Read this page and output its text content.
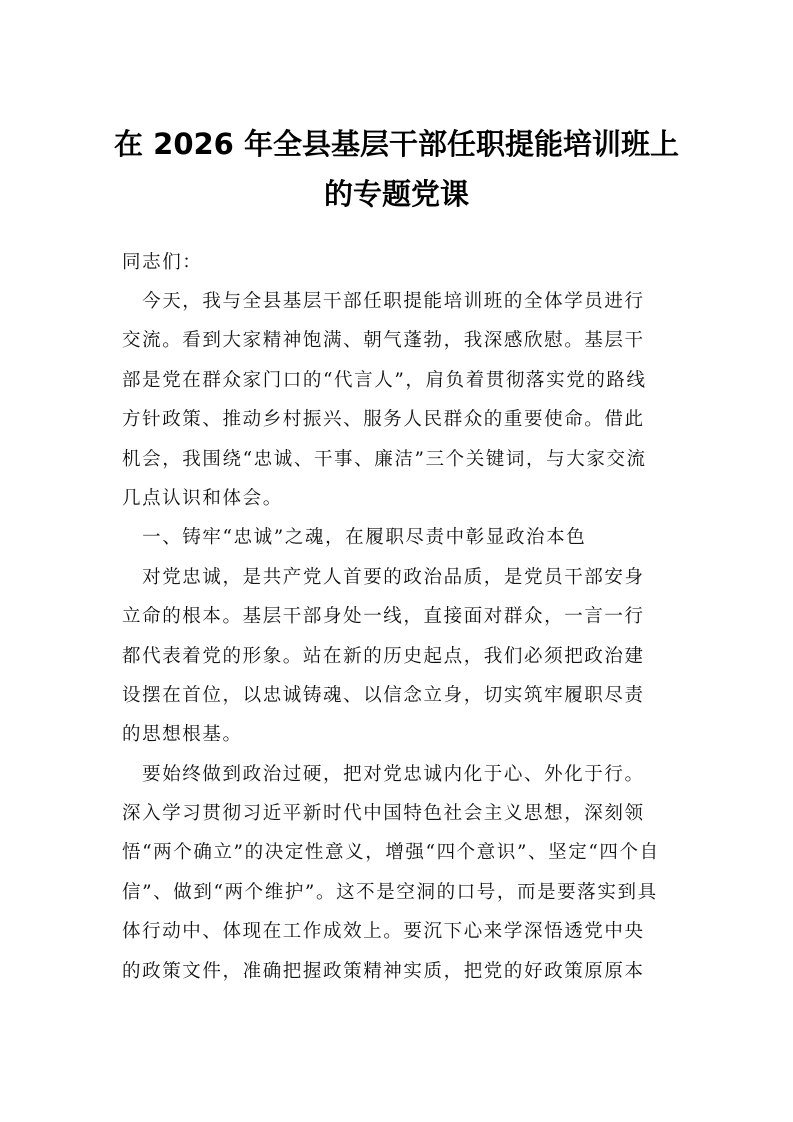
在 2026 年全县基层干部任职提能培训班上
的专题党课
同志们：
　今天，我与全县基层干部任职提能培训班的全体学员进行
交流。看到大家精神饱满、朝气蓬勃，我深感欣慰。基层干
部是党在群众家门口的“代言人”，肩负着贯彻落实党的路线
方针政策、推动乡村振兴、服务人民群众的重要使命。借此
机会，我围绕“忠诚、干事、廉洁”三个关键词，与大家交流
几点认识和体会。
　一、铸牢“忠诚”之魂，在履职尽责中彰显政治本色
　对党忠诚，是共产党人首要的政治品质，是党员干部安身
立命的根本。基层干部身处一线，直接面对群众，一言一行
都代表着党的形象。站在新的历史起点，我们必须把政治建
设摆在首位，以忠诚铸魂、以信念立身，切实筑牢履职尽责
的思想根基。
　要始终做到政治过硬，把对党忠诚内化于心、外化于行。
深入学习贯彻习近平新时代中国特色社会主义思想，深刻领
悟“两个确立”的决定性意义，增强“四个意识”、坚定“四个自
信”、做到“两个维护”。这不是空洞的口号，而是要落实到具
体行动中、体现在工作成效上。要沉下心来学深悟透党中央
的政策文件，准确把握政策精神实质，把党的好政策原原本
